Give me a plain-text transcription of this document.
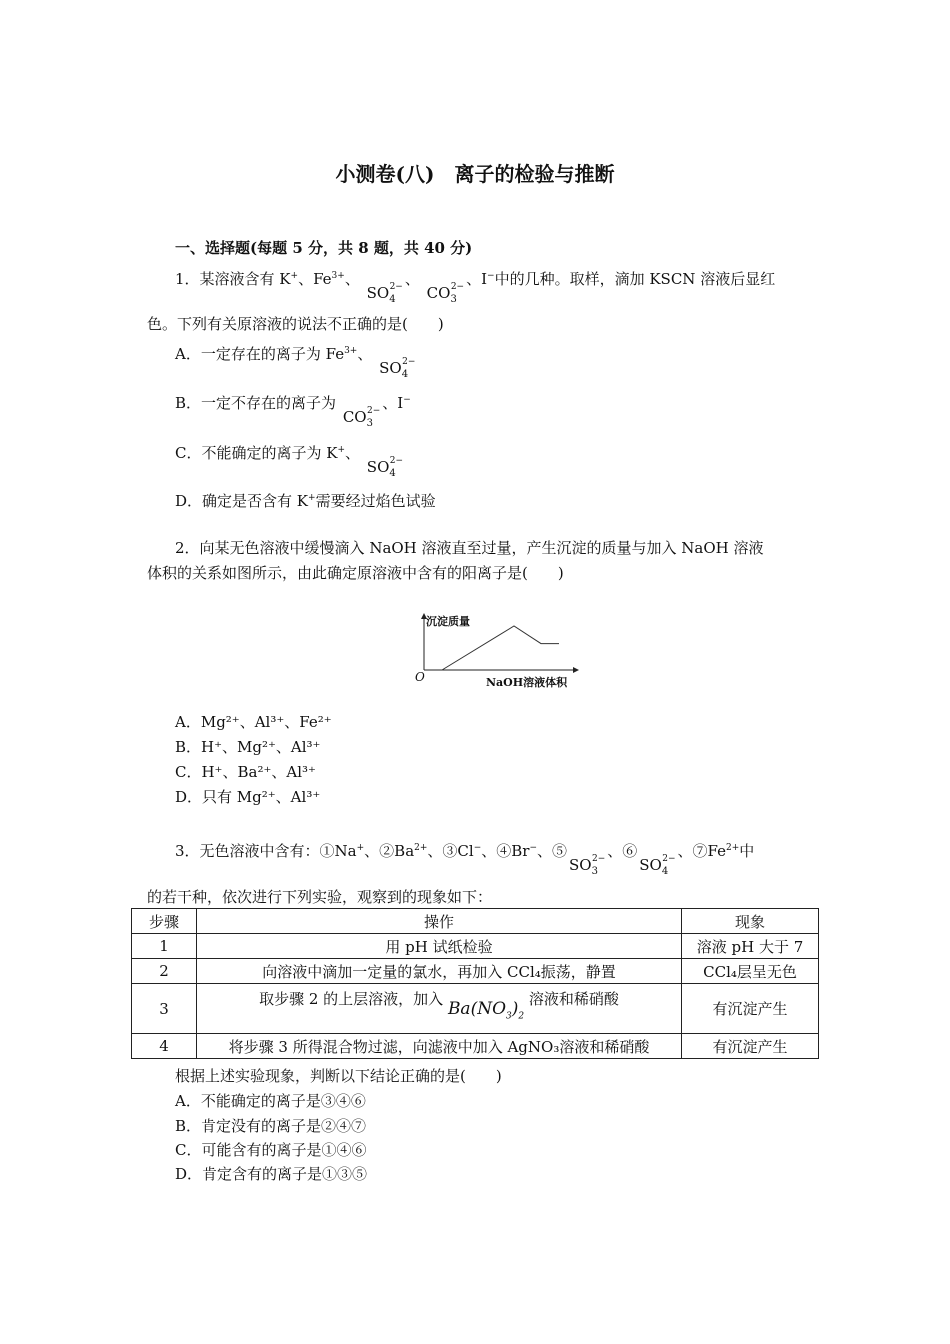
小测卷(八)　离子的检验与推断
一、选择题(每题 5 分，共 8 题，共 40 分)
1．某溶液含有 K+、$Fe^{3+}$、 $SO_4^{2-}$ 、 $CO_3^{2-}$ 、I−中的几种。取样，滴加 KSCN 溶液后显红
色。下列有关原溶液的说法不正确的是(　　)
A．一定存在的离子为 $Fe^{3+}$、 $SO_4^{2-}$
B．一定不存在的离子为 $CO_3^{2-}$ 、I−
C．不能确定的离子为 K+、 $SO_4^{2-}$
D．确定是否含有 K+需要经过焰色试验
2．向某无色溶液中缓慢滴入 NaOH 溶液直至过量，产生沉淀的质量与加入 NaOH 溶液
体积的关系如图所示，由此确定原溶液中含有的阳离子是(　　)
沉淀质量
O	NaOH溶液体积
A．Mg²⁺、Al³⁺、Fe²⁺
B．H⁺、Mg²⁺、Al³⁺
C．H⁺、Ba²⁺、Al³⁺
D．只有 Mg²⁺、Al³⁺
3．无色溶液中含有：①Na+、$②Ba^{2+}$、③Cl−、④Br−、$⑤SO_3^{2-}$ 、$⑥SO_4^{2-}$ 、$⑦Fe^{2+}$中
的若干种，依次进行下列实验，观察到的现象如下：
步骤	操作	现象
1	用 pH 试纸检验	溶液 pH 大于 7
2	向溶液中滴加一定量的氯水，再加入 CCl₄振荡，静置	CCl₄层呈无色
3	取步骤 2 的上层溶液，加入 $Ba(NO_3)_2$ 溶液和稀硝酸	有沉淀产生
4	将步骤 3 所得混合物过滤，向滤液中加入 AgNO₃溶液和稀硝酸	有沉淀产生
根据上述实验现象，判断以下结论正确的是(　　)
A．不能确定的离子是③④⑥
B．肯定没有的离子是②④⑦
C．可能含有的离子是①④⑥
D．肯定含有的离子是①③⑤
